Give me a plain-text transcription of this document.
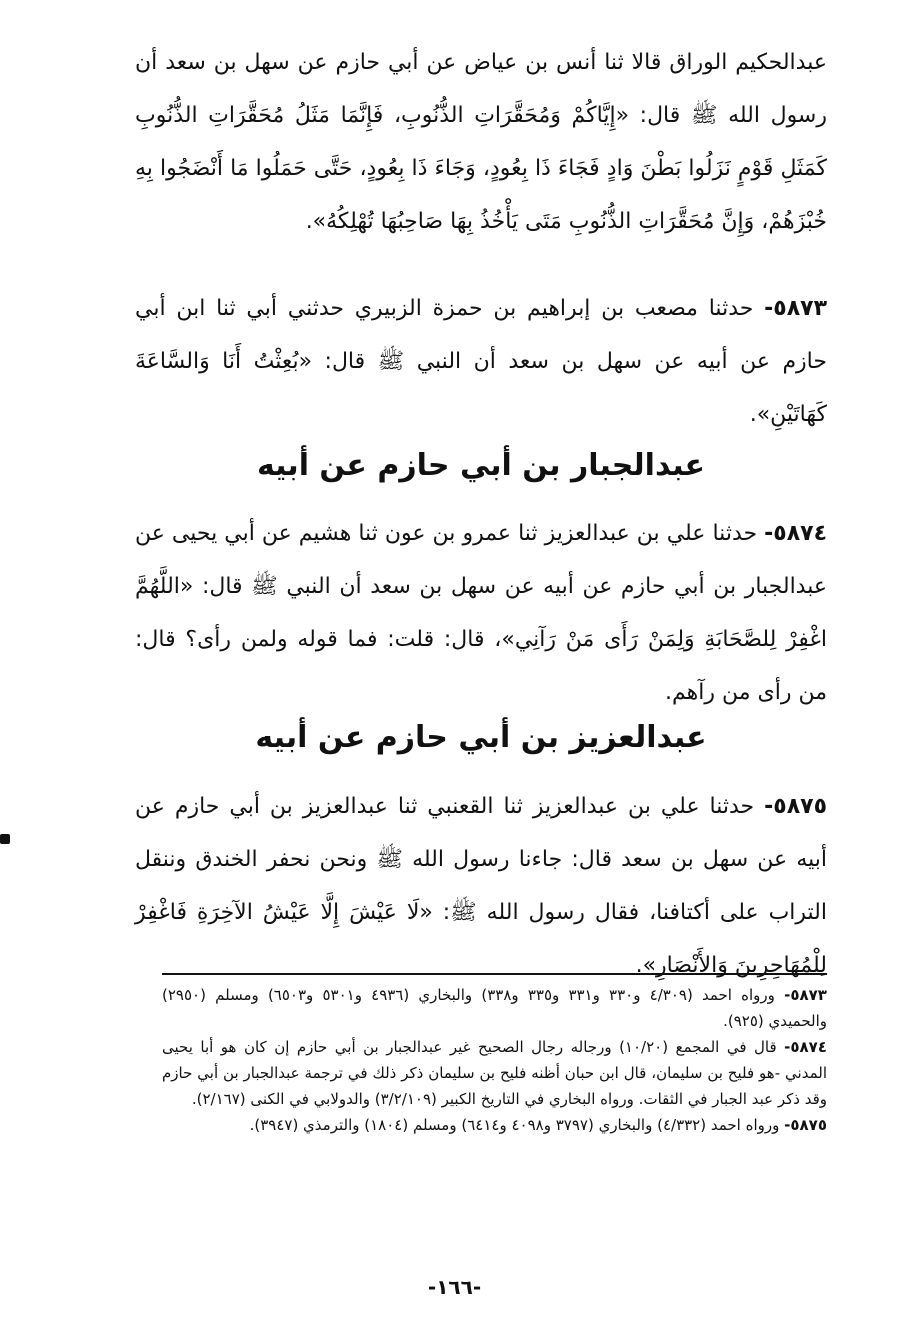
عبدالحكيم الوراق قالا ثنا أنس بن عياض عن أبي حازم عن سهل بن سعد أن رسول الله ﷺ قال: «إِيَّاكُمْ وَمُحَقَّرَاتِ الذُّنُوبِ، فَإِنَّمَا مَثَلُ مُحَقَّرَاتِ الذُّنُوبِ كَمَثَلِ قَوْمٍ نَزَلُوا بَطْنَ وَادٍ فَجَاءَ ذَا بِعُودٍ، وَجَاءَ ذَا بِعُودٍ، حَتَّى حَمَلُوا مَا أَنْضَجُوا بِهِ خُبْزَهُمْ، وَإِنَّ مُحَقَّرَاتِ الذُّنُوبِ مَتَى يَأْخُذُ بِهَا صَاحِبُهَا تُهْلِكُهُ».

٥٨٧٣- حدثنا مصعب بن إبراهيم بن حمزة الزبيري حدثني أبي ثنا ابن أبي حازم عن أبيه عن سهل بن سعد أن النبي ﷺ قال: «بُعِثْتُ أَنَا وَالسَّاعَةَ كَهَاتَيْنِ».

عبدالجبار بن أبي حازم عن أبيه

٥٨٧٤- حدثنا علي بن عبدالعزيز ثنا عمرو بن عون ثنا هشيم عن أبي يحيى عن عبدالجبار بن أبي حازم عن أبيه عن سهل بن سعد أن النبي ﷺ قال: «اللَّهُمَّ اغْفِرْ لِلصَّحَابَةِ وَلِمَنْ رَأَى مَنْ رَآنِي»، قال: قلت: فما قوله ولمن رأى؟ قال: من رأى من رآهم.

عبدالعزيز بن أبي حازم عن أبيه

٥٨٧٥- حدثنا علي بن عبدالعزيز ثنا القعنبي ثنا عبدالعزيز بن أبي حازم عن أبيه عن سهل بن سعد قال: جاءنا رسول الله ﷺ ونحن نحفر الخندق وننقل التراب على أكتافنا، فقال رسول الله ﷺ: «لَا عَيْشَ إِلَّا عَيْشُ الآخِرَةِ فَاغْفِرْ لِلْمُهَاجِرِينَ وَالأَنْصَارِ».

٥٨٧٣- ورواه احمد (٤/٣٠٩ و٣٣٠ و٣٣١ و٣٣٥ و٣٣٨) والبخاري (٤٩٣٦ و٥٣٠١ و٦٥٠٣) ومسلم (٢٩٥٠) والحميدي (٩٢٥).

٥٨٧٤- قال في المجمع (١٠/٢٠) ورجاله رجال الصحيح غير عبدالجبار بن أبي حازم إن كان هو أبا يحيى المدني -هو فليح بن سليمان، قال ابن حبان أظنه فليح بن سليمان ذكر ذلك في ترجمة عبدالجبار بن أبي حازم وقد ذكر عبد الجبار في الثقات. ورواه البخاري في التاريخ الكبير (٣/٢/١٠٩) والدولابي في الكنى (٢/١٦٧).

٥٨٧٥- ورواه احمد (٤/٣٣٢) والبخاري (٣٧٩٧ و٤٠٩٨ و٦٤١٤) ومسلم (١٨٠٤) والترمذي (٣٩٤٧).

-١٦٦-
